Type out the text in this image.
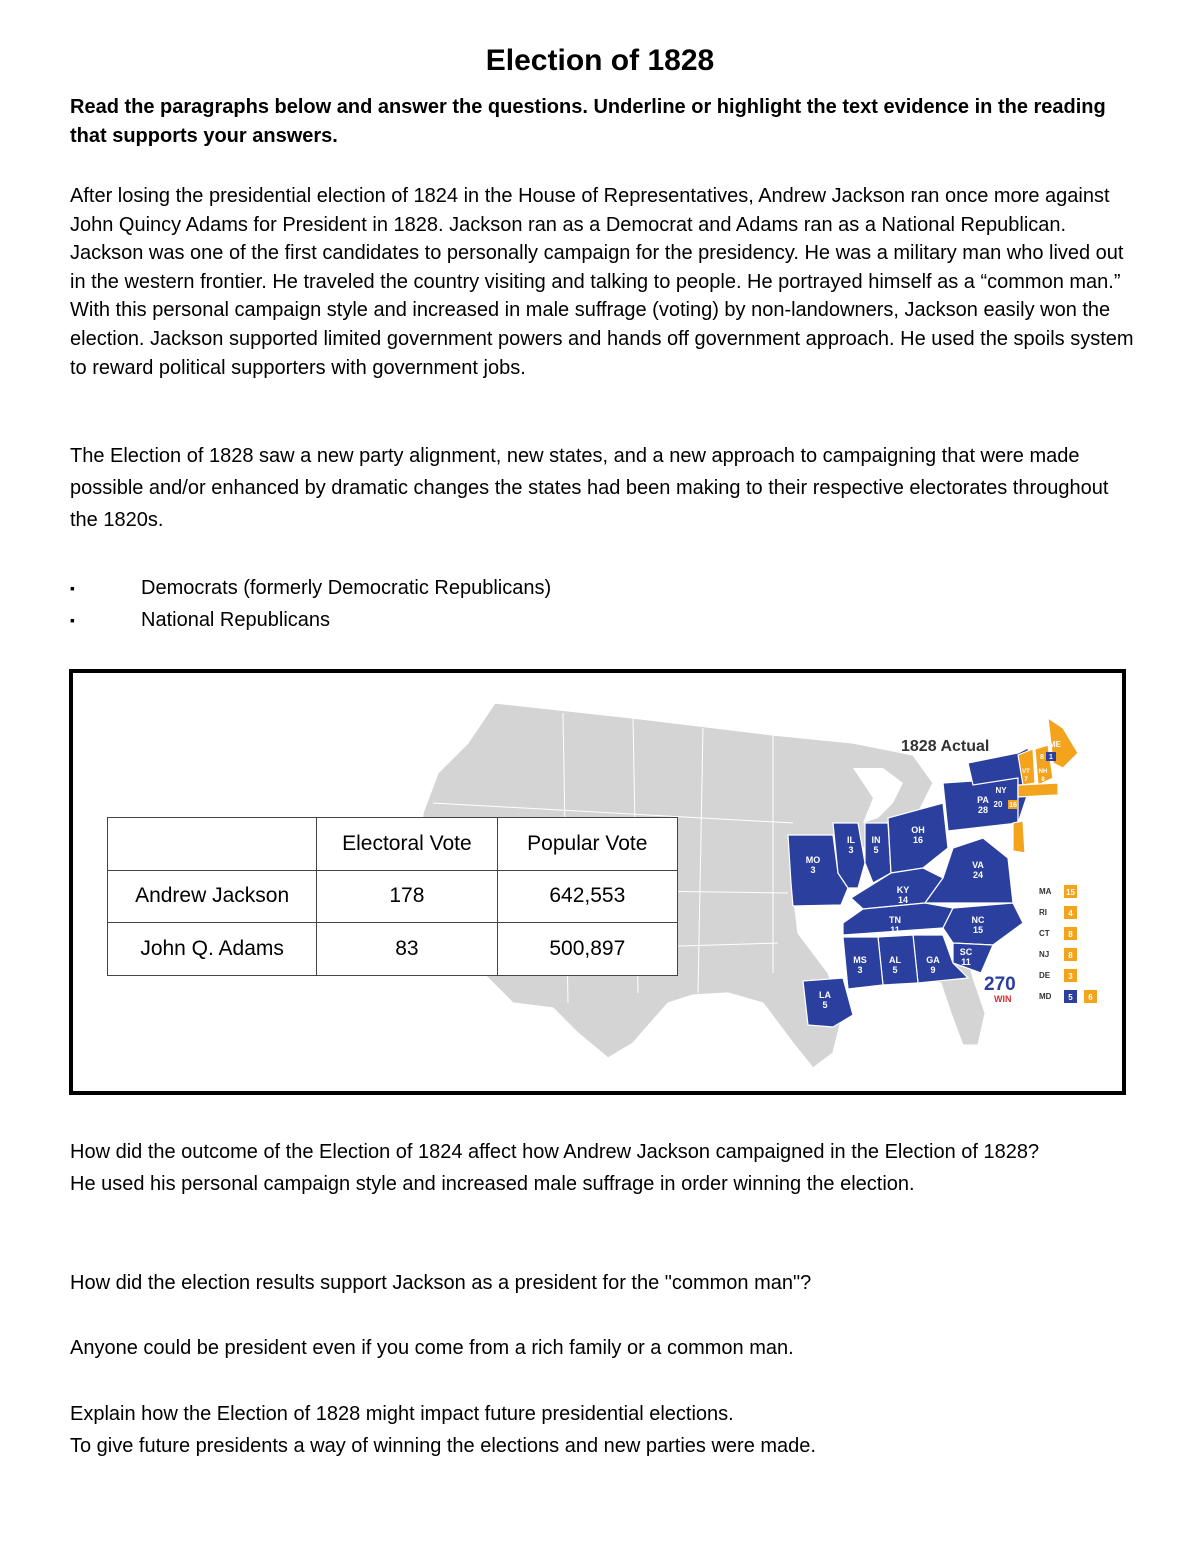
Election of 1828
Read the paragraphs below and answer the questions. Underline or highlight the text evidence in the reading that supports your answers.
After losing the presidential election of 1824 in the House of Representatives, Andrew Jackson ran once more against John Quincy Adams for President in 1828. Jackson ran as a Democrat and Adams ran as a National Republican. Jackson was one of the first candidates to personally campaign for the presidency. He was a military man who lived out in the western frontier. He traveled the country visiting and talking to people. He portrayed himself as a “common man.” With this personal campaign style and increased in male suffrage (voting) by non-landowners, Jackson easily won the election. Jackson supported limited government powers and hands off government approach. He used the spoils system to reward political supporters with government jobs.
The Election of 1828 saw a new party alignment, new states, and a new approach to campaigning that were made possible and/or enhanced by dramatic changes the states had been making to their respective electorates throughout the 1820s.
▪	Democrats (formerly Democratic Republicans)
▪	National Republicans
1828 Actual
MO
3
IL
3
IN
5
OH
16
PA
28
KY
14
VA
24
TN
11
NC
15
SC
11
GA
9
AL
5
MS
3
LA
5
NY
20 16
ME
8 1
VT NH
7 8
MA 15
RI	4
CT 8
NJ 8
DE 3
MD 5 6
270
WIN
	Electoral Vote	Popular Vote
Andrew Jackson	178	642,553
John Q. Adams	83	500,897

How did the outcome of the Election of 1824 affect how Andrew Jackson campaigned in the Election of 1828?

He used his personal campaign style and increased male suffrage in order winning the election.

How did the election results support Jackson as a president for the "common man"?

Anyone could be president even if you come from a rich family or a common man.

Explain how the Election of 1828 might impact future presidential elections.

To give future presidents a way of winning the elections and new parties were made.
